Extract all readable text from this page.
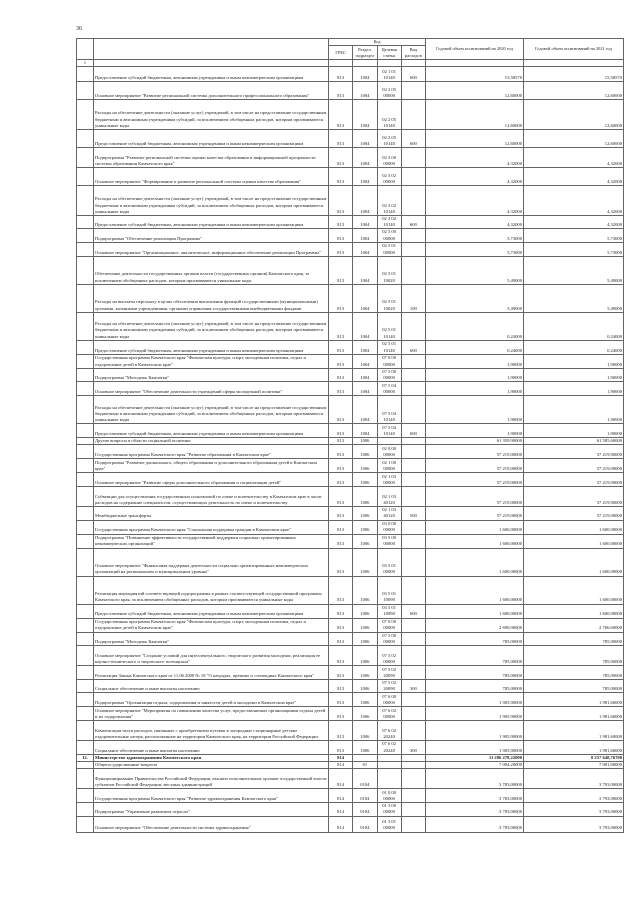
36
		Код				Годовой объем ассигнований на 2020 год	Годовой объем ассигнований на 2021 год
		ГРБС	Раздел, подраздел	Целевая статья	Вид расходов		
1							
	Предоставление субсидий бюджетным, автономным учреждениям и иным некоммерческим организациям	813	1004	02 1 01 10140	600	15,58570	15,58570
	Основное мероприятие "Развитие региональной системы дополнительного профессионального образования"	813	1004	02 2 05 00000		12,60000	12,60000
	Расходы на обеспечение деятельности (оказание услуг) учреждений, в том числе на предоставление государственным бюджетным и автономным учреждениям субсидий, за исключением обобщенных расходов, которым присваиваются уникальные коды	813	1004	02 2 05 10140		12,60000	12,60000
	Предоставление субсидий бюджетным, автономным учреждениям и иным некоммерческим организациям	813	1004	02 2 05 10140	600	12,60000	12,60000
	Подпрограмма "Развитие региональной системы оценки качества образования и информационной прозрачности системы образования Камчатского края"	813	1004	02 3 00 00000		4,32000	4,32000
	Основное мероприятие "Формирование и развитие региональной системы оценки качества образования"	813	1004	02 3 02 00000		4,32000	4,32000
	Расходы на обеспечение деятельности (оказание услуг) учреждений, в том числе на предоставление государственным бюджетным и автономным учреждениям субсидий, за исключением обобщенных расходов, которым присваиваются уникальные коды	813	1004	02 3 02 10140		4,32000	4,32000
	Предоставление субсидий бюджетным, автономным учреждениям и иным некоммерческим организациям	813	1004	02 3 02 10140	600	4,32000	4,32000
	Подпрограмма "Обеспечение реализации Программы"	813	1004	02 5 00 00000		5,73000	5,73000
	Основное мероприятие "Организационное, аналитическое, информационное обеспечение реализации Программы"	813	1004	02 5 01 00000		5,73000	5,73000
	Обеспечение деятельности государственных органов власти (государственных органов) Камчатского края, за исключением обобщенных расходов, которым присваиваются уникальные коды	813	1004	02 5 01 10020		5,49000	5,49000
	Расходы на выплаты персоналу в целях обеспечения выполнения функций государственными (муниципальными) органами, казенными учреждениями, органами управления государственными внебюджетными фондами	813	1004	02 5 01 10020	100	5,49000	5,49000
	Расходы на обеспечение деятельности (оказание услуг) учреждений, в том числе на предоставление государственным бюджетным и автономным учреждениям субсидий, за исключением обобщенных расходов, которым присваиваются уникальные коды	813	1004	02 5 01 10140		0,24000	0,24000
	Предоставление субсидий бюджетным, автономным учреждениям и иным некоммерческим организациям	813	1004	02 5 01 10140	600	0,24000	0,24000
	Государственная программа Камчатского края "Физическая культура, спорт, молодежная политика, отдых и оздоровление детей в Камчатском крае"	813	1004	07 0 00 00000		1,90000	1,90000
	Подпрограмма "Молодежь Камчатки"	813	1004	07 5 00 00000		1,90000	1,90000
	Основное мероприятие "Обеспечение деятельности учреждений сферы молодежной политики"	813	1004	07 5 04 00000		1,90000	1,90000
	Расходы на обеспечение деятельности (оказание услуг) учреждений, в том числе на предоставление государственным бюджетным и автономным учреждениям субсидий, за исключением обобщенных расходов, которым присваиваются уникальные коды	813	1004	07 5 04 10140		1,90000	1,90000
	Предоставление субсидий бюджетным, автономным учреждениям и иным некоммерческим организациям	813	1004	07 5 04 10140	600	1,90000	1,90000
	Другие вопросы в области социальной политики	813	1006			61 359,90000	61 585,60000
	Государственная программа Камчатского края "Развитие образования в Камчатском крае"	813	1006	02 0 00 00000		57 219,00000	57 219,00000
	Подпрограмма "Развитие дошкольного, общего образования и дополнительного образования детей в Камчатском крае"	813	1006	02 1 00 00000		57 219,00000	57 219,00000
	Основное мероприятие "Развитие сферы дополнительного образования и социализации детей"	813	1006	02 1 03 00000		57 219,00000	57 219,00000
	Субвенции для осуществления государственных полномочий по опеке и попечительству в Камчатском крае в части расходов на содержание специалистов, осуществляющих деятельность по опеке и попечительству	813	1006	02 1 03 40120		57 219,00000	57 219,00000
	Межбюджетные трансферты	813	1006	02 1 03 40120	500	57 219,00000	57 219,00000
	Государственная программа Камчатского края "Социальная поддержка граждан в Камчатском крае"	813	1006	03 0 00 00000		1 600,00000	1 600,00000
	Подпрограмма "Повышение эффективности государственной поддержки социально ориентированных некоммерческих организаций"	813	1006	03 5 00 00000		1 600,00000	1 600,00000
	Основное мероприятие "Финансовая поддержка деятельности социально ориентированных некоммерческих организаций на региональном и муниципальном уровнях"	813	1006	03 5 01 00000		1 600,00000	1 600,00000
	Реализация мероприятий соответствующей подпрограммы в рамках соответствующей государственной программы Камчатского края, за исключением обобщенных расходов, которым присваиваются уникальные коды	813	1006	03 5 01 10090		1 600,00000	1 600,00000
	Предоставление субсидий бюджетным, автономным учреждениям и иным некоммерческим организациям	813	1006	03 5 01 10090	600	1 600,00000	1 600,00000
	Государственная программа Камчатского края "Физическая культура, спорт, молодежная политика, отдых и оздоровление детей в Камчатском крае"	813	1006	07 0 00 00000		2 690,90000	2 766,60000
	Подпрограмма "Молодежь Камчатки"	813	1006	07 5 00 00000		785,00000	785,00000
	Основное мероприятие "Создание условий для интеллектуального, творческого развития молодежи, реализация ее научно-технического и творческого потенциала"	813	1006	07 5 02 00000		785,00000	785,00000
	Реализация Закона Камчатского края от 11.06.2008 № 18 "О наградах, премиях и стипендиях Камчатского края"	813	1006	07 5 02 20090		785,00000	785,00000
	Социальное обеспечение и иные выплаты населению	813	1006	07 5 02 20090	300	785,00000	785,00000
	Подпрограмма "Организация отдыха, оздоровления и занятости детей и молодежи в Камчатском крае"	813	1006	07 6 00 00000		1 905,90000	1 981,60000
	Основное мероприятие "Мероприятия по повышению качества услуг, предоставляемых организациями отдыха детей и их оздоровления"	813	1006	07 6 02 00000		1 905,90000	1 981,60000
	Компенсация части расходов, связанных с приобретением путевок в загородные стационарные детские оздоровительные лагеря, расположенные на территории Камчатского края, на территории Российской Федерации	813	1006	07 6 02 20240		1 905,90000	1 981,60000
	Социальное обеспечение и иные выплаты населению	813	1006	07 6 02 20240	300	1 905,90000	1 981,60000
12.	Министерство здравоохранения Камчатского края	814				11 286 278,22000	8 257 648,76700
	Общегосударственные вопросы	814	01			7 004,20000	7 081,00000
	Функционирование Правительства Российской Федерации, высших исполнительных органов государственной власти субъектов Российской Федерации, местных администраций	814	0104			3 783,00000	3 793,00000
	Государственная программа Камчатского края "Развитие здравоохранения Камчатского края"	814	0104	01 0 00 00000		3 783,00000	3 793,00000
	Подпрограмма "Управление развитием отрасли"	814	0104	01 3 00 00000		3 783,00000	3 793,00000
	Основное мероприятие "Обеспечение деятельности системы здравоохранения"	814	0104	01 3 01 00000		3 783,00000	3 793,00000
